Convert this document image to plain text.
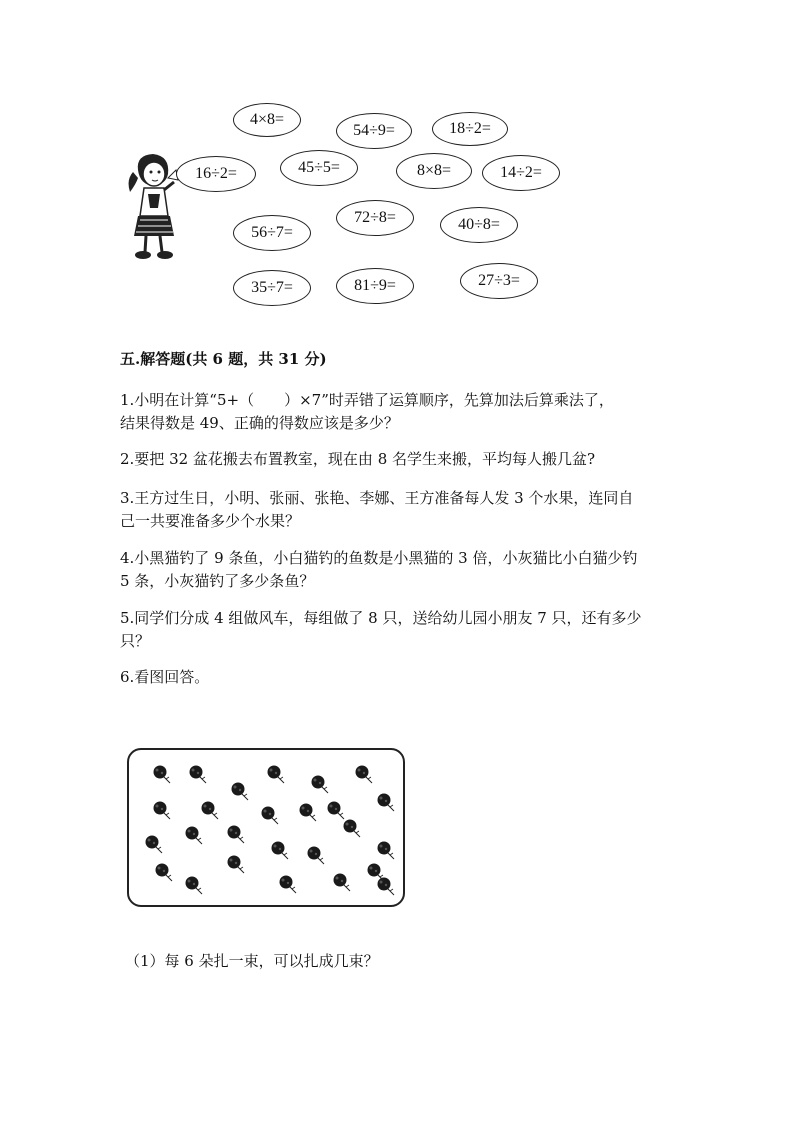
4×8=
54÷9=	18÷2=
16÷2=	45÷5=	8×8=	14÷2=
56÷7=
72÷8=	40÷8=
35÷7=	81÷9=	27÷3=
五.解答题(共 6 题，共 31 分)
1.小明在计算“5+（　　）×7”时弄错了运算顺序，先算加法后算乘法了，
结果得数是 49、正确的得数应该是多少？
2.要把 32 盆花搬去布置教室，现在由 8 名学生来搬，平均每人搬几盆?
3.王方过生日，小明、张丽、张艳、李娜、王方准备每人发 3 个水果，连同自
己一共要准备多少个水果？
4.小黑猫钓了 9 条鱼，小白猫钓的鱼数是小黑猫的 3 倍，小灰猫比小白猫少钓
5 条，小灰猫钓了多少条鱼？
5.同学们分成 4 组做风车，每组做了 8 只，送给幼儿园小朋友 7 只，还有多少
只？
6.看图回答。
（1）每 6 朵扎一束，可以扎成几束？
